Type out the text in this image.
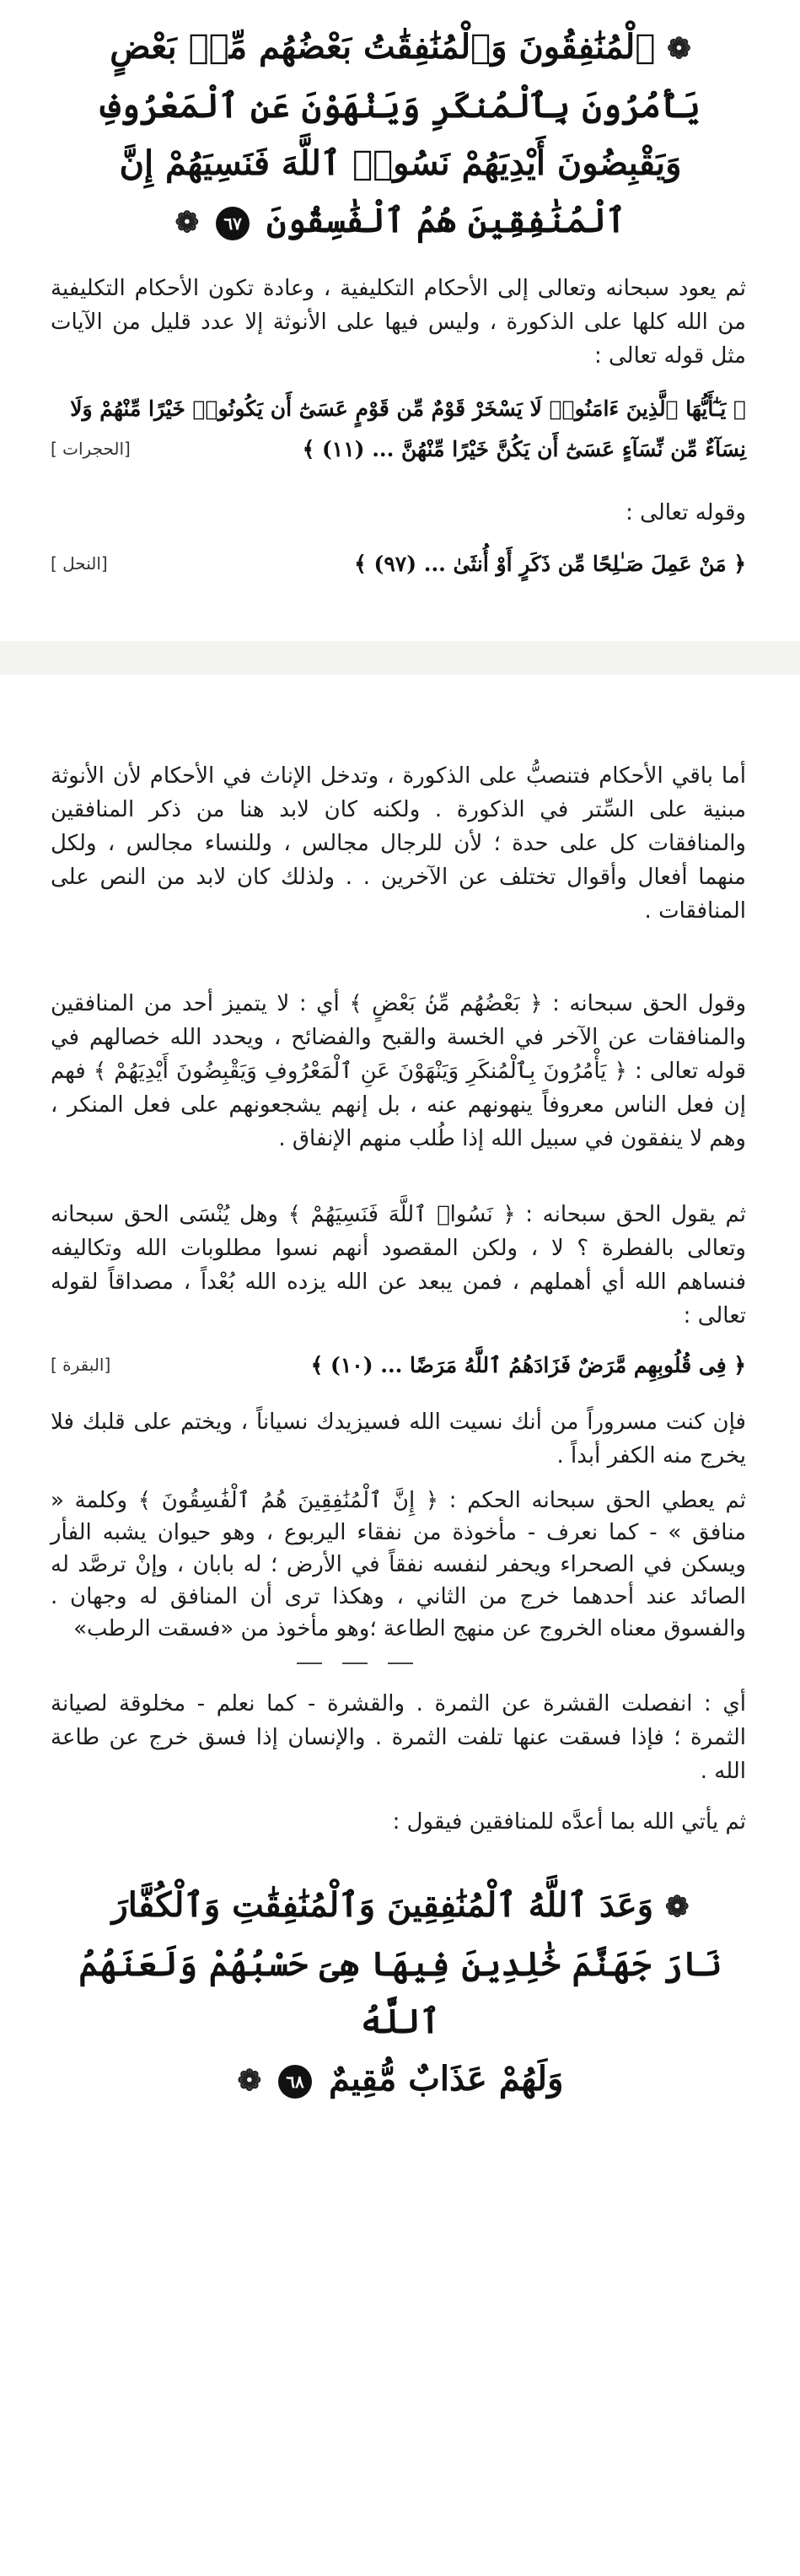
❁ ٱلْمُنَٰفِقُونَ وَٱلْمُنَٰفِقَٰتُ بَعْضُهُم مِّنۢ بَعْضٍ
يَأْمُرُونَ بِٱلْمُنكَرِ وَيَنْهَوْنَ عَنِ ٱلْمَعْرُوفِ
وَيَقْبِضُونَ أَيْدِيَهُمْ نَسُوا۟ ٱللَّهَ فَنَسِيَهُمْ إِنَّ
ٱلْمُنَٰفِقِينَ هُمُ ٱلْفَٰسِقُونَ ٦٧ ❁
ثم يعود سبحانه وتعالى إلى الأحكام التكليفية ، وعادة تكون الأحكام التكليفية من الله كلها على الذكورة ، وليس فيها على الأنوثة إلا عدد قليل من الآيات مثل قوله تعالى :
﴿ يَـٰٓأَيُّهَا ٱلَّذِينَ ءَامَنُوا۟ لَا يَسْخَرْ قَوْمٌ مِّن قَوْمٍ عَسَىٰٓ أَن يَكُونُوا۟ خَيْرًا مِّنْهُمْ وَلَا
نِسَآءٌ مِّن نِّسَآءٍ عَسَىٰٓ أَن يَكُنَّ خَيْرًا مِّنْهُنَّ ... (١١) ﴾
[الحجرات ]
وقوله تعالى :
﴿ مَنْ عَمِلَ صَـٰلِحًا مِّن ذَكَرٍ أَوْ أُنثَىٰ ... (٩٧) ﴾
[النحل ]
أما باقي الأحكام فتنصبُّ على الذكورة ، وتدخل الإناث في الأحكام لأن الأنوثة مبنية على السِّتر في الذكورة . ولكنه كان لابد هنا من ذكر المنافقين والمنافقات كل على حدة ؛ لأن للرجال مجالس ، وللنساء مجالس ، ولكل منهما أفعال وأقوال تختلف عن الآخرين . . ولذلك كان لابد من النص على المنافقات .
وقول الحق سبحانه : ﴿ بَعْضُهُم مِّنۢ بَعْضٍ ﴾ أي : لا يتميز أحد من المنافقين والمنافقات عن الآخر في الخسة والقبح والفضائح ، ويحدد الله خصالهم في قوله تعالى : ﴿ يَأْمُرُونَ بِٱلْمُنكَرِ وَيَنْهَوْنَ عَنِ ٱلْمَعْرُوفِ وَيَقْبِضُونَ أَيْدِيَهُمْ ﴾ فهم إن فعل الناس معروفاً ينهونهم عنه ، بل إنهم يشجعونهم على فعل المنكر ، وهم لا ينفقون في سبيل الله إذا طُلب منهم الإنفاق .
ثم يقول الحق سبحانه : ﴿ نَسُوا۟ ٱللَّهَ فَنَسِيَهُمْ ﴾ وهل يُنْسَى الحق سبحانه وتعالى بالفطرة ؟ لا ، ولكن المقصود أنهم نسوا مطلوبات الله وتكاليفه فنساهم الله أي أهملهم ، فمن يبعد عن الله يزده الله بُعْداً ، مصداقاً لقوله تعالى :
﴿ فِى قُلُوبِهِم مَّرَضٌ فَزَادَهُمُ ٱللَّهُ مَرَضًا ... (١٠) ﴾
[البقرة ]
فإن كنت مسروراً من أنك نسيت الله فسيزيدك نسياناً ، ويختم على قلبك فلا يخرج منه الكفر أبداً .
ثم يعطي الحق سبحانه الحكم : ﴿ إِنَّ ٱلْمُنَٰفِقِينَ هُمُ ٱلْفَٰسِقُونَ ﴾ وكلمة « منافق » - كما نعرف - مأخوذة من نفقاء اليربوع ، وهو حيوان يشبه الفأر ويسكن في الصحراء ويحفر لنفسه نفقاً في الأرض ؛ له بابان ، وإنْ ترصَّد له الصائد عند أحدهما خرج من الثاني ، وهكذا ترى أن المنافق له وجهان . والفسوق معناه الخروج عن منهج الطاعة ؛وهو مأخوذ من «فسقت الرطب»
أي : انفصلت القشرة عن الثمرة . والقشرة - كما نعلم - مخلوقة لصيانة الثمرة ؛ فإذا فسقت عنها تلفت الثمرة . والإنسان إذا فسق خرج عن طاعة الله .
ثم يأتي الله بما أعدَّه للمنافقين فيقول :
❁ وَعَدَ ٱللَّهُ ٱلْمُنَٰفِقِينَ وَٱلْمُنَٰفِقَٰتِ وَٱلْكُفَّارَ
نَارَ جَهَنَّمَ خَٰلِدِينَ فِيهَا هِىَ حَسْبُهُمْ وَلَعَنَهُمُ ٱللَّهُ
وَلَهُمْ عَذَابٌ مُّقِيمٌ ٦٨ ❁
